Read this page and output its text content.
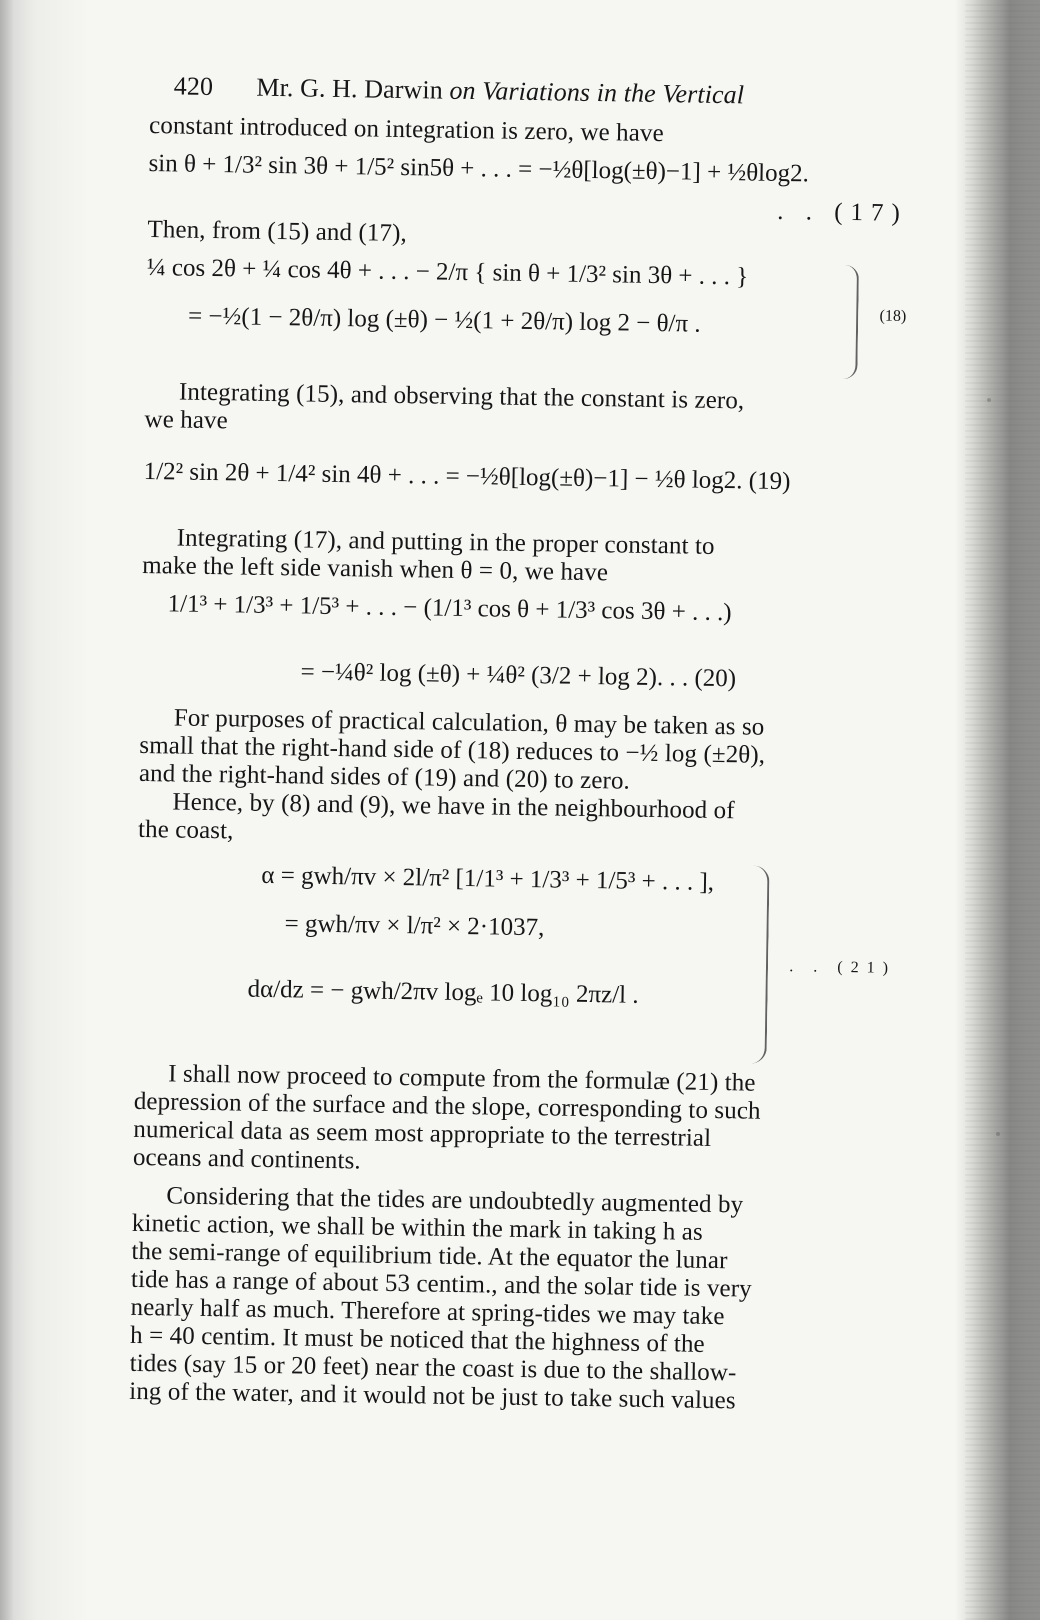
420 Mr. G. H. Darwin on Variations in the Vertical
constant introduced on integration is zero, we have
sin θ + 1/3² sin 3θ + 1/5² sin5θ + . . . = −½θ[log(±θ)−1] + ½θlog2.
. . (17)
Then, from (15) and (17),
¼ cos 2θ + ¼ cos 4θ + . . . − 2/π { sin θ + 1/3² sin 3θ + . . . }
= −½(1 − 2θ/π) log (±θ) − ½(1 + 2θ/π) log 2 − θ/π .	(18)
Integrating (15), and observing that the constant is zero,
we have
1/2² sin 2θ + 1/4² sin 4θ + . . . = −½θ[log(±θ)−1] − ½θ log2. (19)
Integrating (17), and putting in the proper constant to
make the left side vanish when θ = 0, we have
1/1³ + 1/3³ + 1/5³ + . . . − (1/1³ cos θ + 1/3³ cos 3θ + . . .)
= −¼θ² log (±θ) + ¼θ² (3/2 + log 2). . . (20)
For purposes of practical calculation, θ may be taken as so
small that the right-hand side of (18) reduces to −½ log (±2θ),
and the right-hand sides of (19) and (20) to zero.
Hence, by (8) and (9), we have in the neighbourhood of
the coast,
α = gwh/πv × 2l/π² [1/1³ + 1/3³ + 1/5³ + . . . ],
= gwh/πv × l/π² × 2·1037,
dα/dz = − gwh/2πv logₑ 10 log₁₀ 2πz/l .
. . (21)
I shall now proceed to compute from the formulæ (21) the
depression of the surface and the slope, corresponding to such
numerical data as seem most appropriate to the terrestrial
oceans and continents.
Considering that the tides are undoubtedly augmented by
kinetic action, we shall be within the mark in taking h as
the semi-range of equilibrium tide. At the equator the lunar
tide has a range of about 53 centim., and the solar tide is very
nearly half as much. Therefore at spring-tides we may take
h = 40 centim. It must be noticed that the highness of the
tides (say 15 or 20 feet) near the coast is due to the shallow-
ing of the water, and it would not be just to take such values
